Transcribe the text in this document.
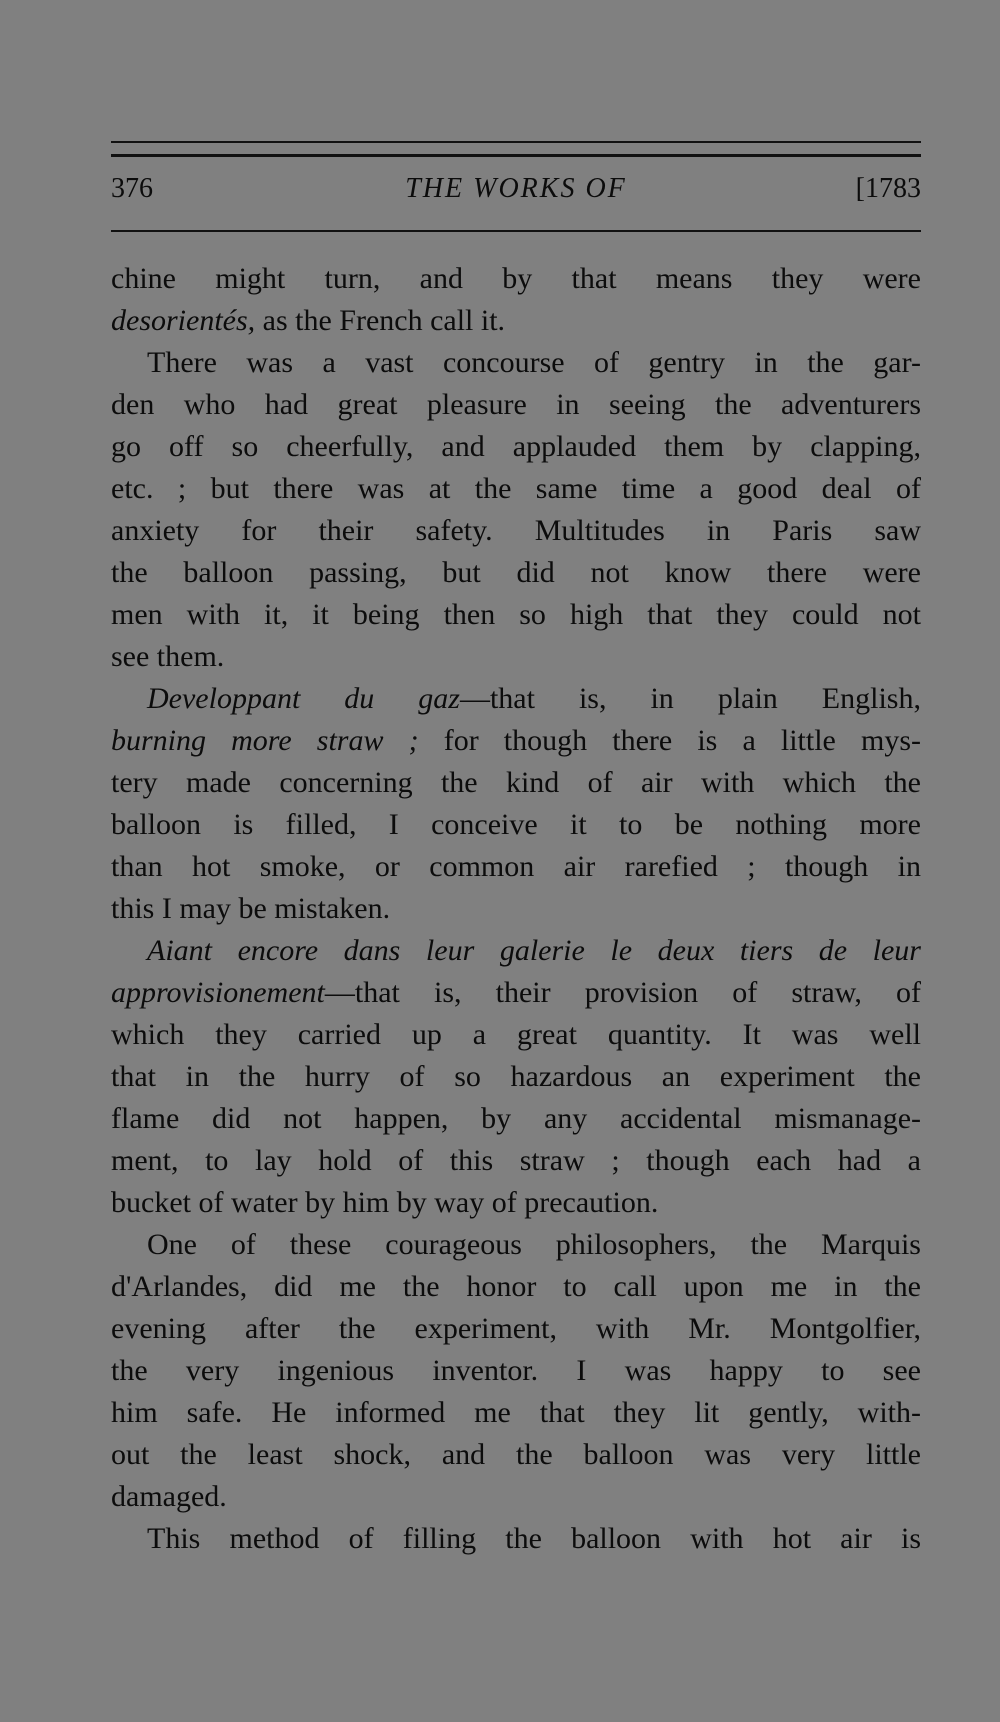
376	THE WORKS OF	[1783
chine might turn, and by that means they were
desorientés, as the French call it.
There was a vast concourse of gentry in the gar-
den who had great pleasure in seeing the adventurers
go off so cheerfully, and applauded them by clapping,
etc. ; but there was at the same time a good deal of
anxiety for their safety. Multitudes in Paris saw
the balloon passing, but did not know there were
men with it, it being then so high that they could not
see them.
Developpant du gaz—that is, in plain English,
burning more straw ; for though there is a little mys-
tery made concerning the kind of air with which the
balloon is filled, I conceive it to be nothing more
than hot smoke, or common air rarefied ; though in
this I may be mistaken.
Aiant encore dans leur galerie le deux tiers de leur
approvisionement—that is, their provision of straw, of
which they carried up a great quantity. It was well
that in the hurry of so hazardous an experiment the
flame did not happen, by any accidental mismanage-
ment, to lay hold of this straw ; though each had a
bucket of water by him by way of precaution.
One of these courageous philosophers, the Marquis
d'Arlandes, did me the honor to call upon me in the
evening after the experiment, with Mr. Montgolfier,
the very ingenious inventor. I was happy to see
him safe. He informed me that they lit gently, with-
out the least shock, and the balloon was very little
damaged.
This method of filling the balloon with hot air is
